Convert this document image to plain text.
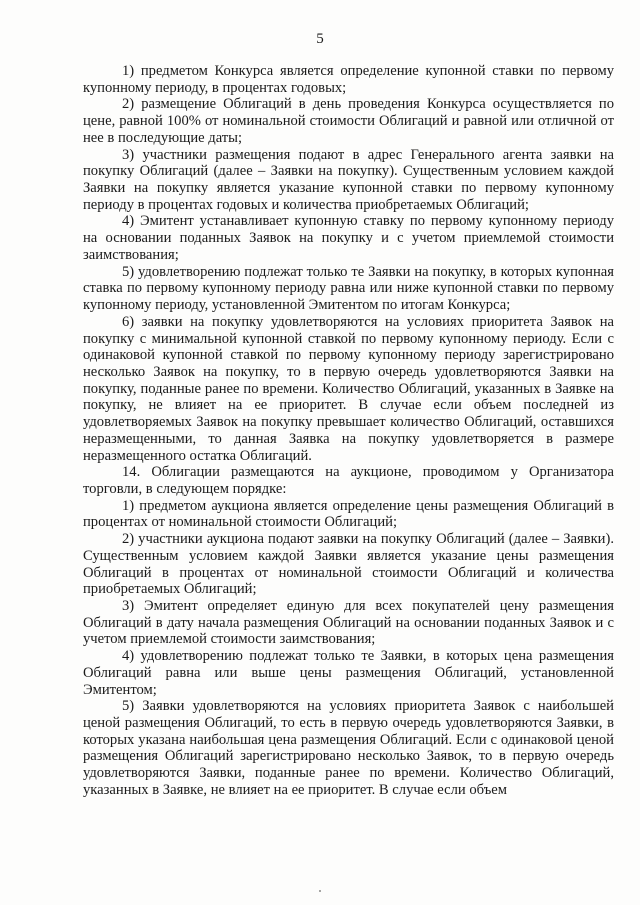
5

1) предметом Конкурса является определение купонной ставки по первому купонному периоду, в процентах годовых;

2) размещение Облигаций в день проведения Конкурса осуществляется по цене, равной 100% от номинальной стоимости Облигаций и равной или отличной от нее в последующие даты;

3) участники размещения подают в адрес Генерального агента заявки на покупку Облигаций (далее – Заявки на покупку). Существенным условием каждой Заявки на покупку является указание купонной ставки по первому купонному периоду в процентах годовых и количества приобретаемых Облигаций;

4) Эмитент устанавливает купонную ставку по первому купонному периоду на основании поданных Заявок на покупку и с учетом приемлемой стоимости заимствования;

5) удовлетворению подлежат только те Заявки на покупку, в которых купонная ставка по первому купонному периоду равна или ниже купонной ставки по первому купонному периоду, установленной Эмитентом по итогам Конкурса;

6) заявки на покупку удовлетворяются на условиях приоритета Заявок на покупку с минимальной купонной ставкой по первому купонному периоду. Если с одинаковой купонной ставкой по первому купонному периоду зарегистрировано несколько Заявок на покупку, то в первую очередь удовлетворяются Заявки на покупку, поданные ранее по времени. Количество Облигаций, указанных в Заявке на покупку, не влияет на ее приоритет. В случае если объем последней из удовлетворяемых Заявок на покупку превышает количество Облигаций, оставшихся неразмещенными, то данная Заявка на покупку удовлетворяется в размере неразмещенного остатка Облигаций.

14. Облигации размещаются на аукционе, проводимом у Организатора торговли, в следующем порядке:

1) предметом аукциона является определение цены размещения Облигаций в процентах от номинальной стоимости Облигаций;

2) участники аукциона подают заявки на покупку Облигаций (далее – Заявки). Существенным условием каждой Заявки является указание цены размещения Облигаций в процентах от номинальной стоимости Облигаций и количества приобретаемых Облигаций;

3) Эмитент определяет единую для всех покупателей цену размещения Облигаций в дату начала размещения Облигаций на основании поданных Заявок и с учетом приемлемой стоимости заимствования;

4) удовлетворению подлежат только те Заявки, в которых цена размещения Облигаций равна или выше цены размещения Облигаций, установленной Эмитентом;

5) Заявки удовлетворяются на условиях приоритета Заявок с наибольшей ценой размещения Облигаций, то есть в первую очередь удовлетворяются Заявки, в которых указана наибольшая цена размещения Облигаций. Если с одинаковой ценой размещения Облигаций зарегистрировано несколько Заявок, то в первую очередь удовлетворяются Заявки, поданные ранее по времени. Количество Облигаций, указанных в Заявке, не влияет на ее приоритет. В случае если объем
